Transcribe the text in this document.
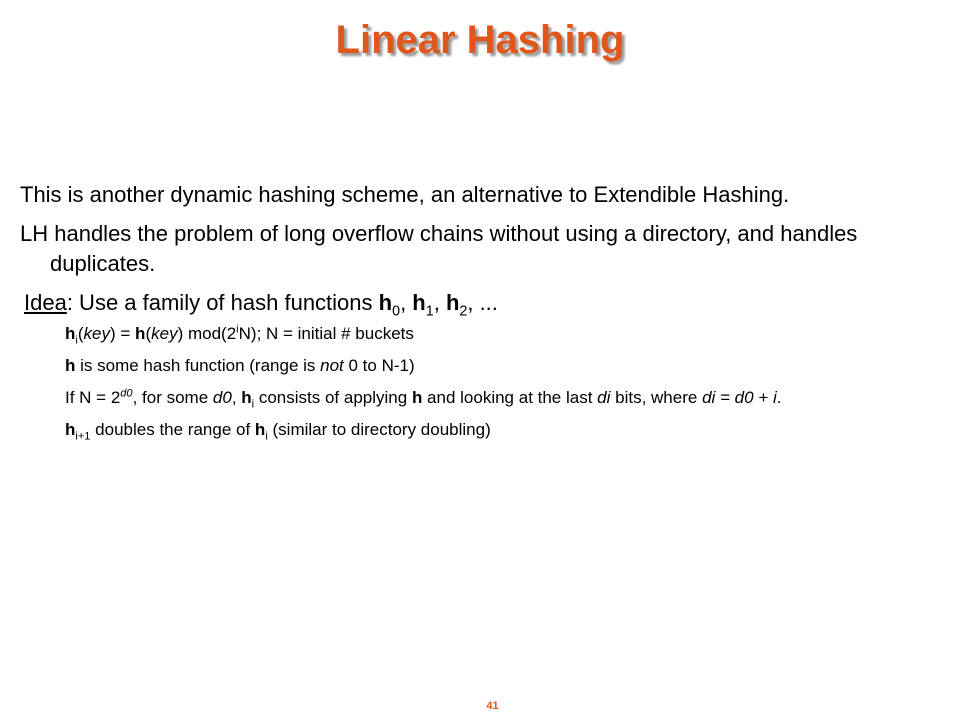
Linear Hashing

This is another dynamic hashing scheme, an alternative to Extendible Hashing.

LH handles the problem of long overflow chains without using a directory, and handles duplicates.

Idea: Use a family of hash functions $h_0$, $h_1$, $h_2$, ...

$h_i(key) = h(key)$ mod(2$^i$N); N = initial # buckets

h is some hash function (range is not 0 to N-1)

If $N = 2^{d0}$, for some d0, $h_i$ consists of applying h and looking at the last di bits, where di = d0 + i.

$h_{i+1}$ doubles the range of $h_i$ (similar to directory doubling)

41
